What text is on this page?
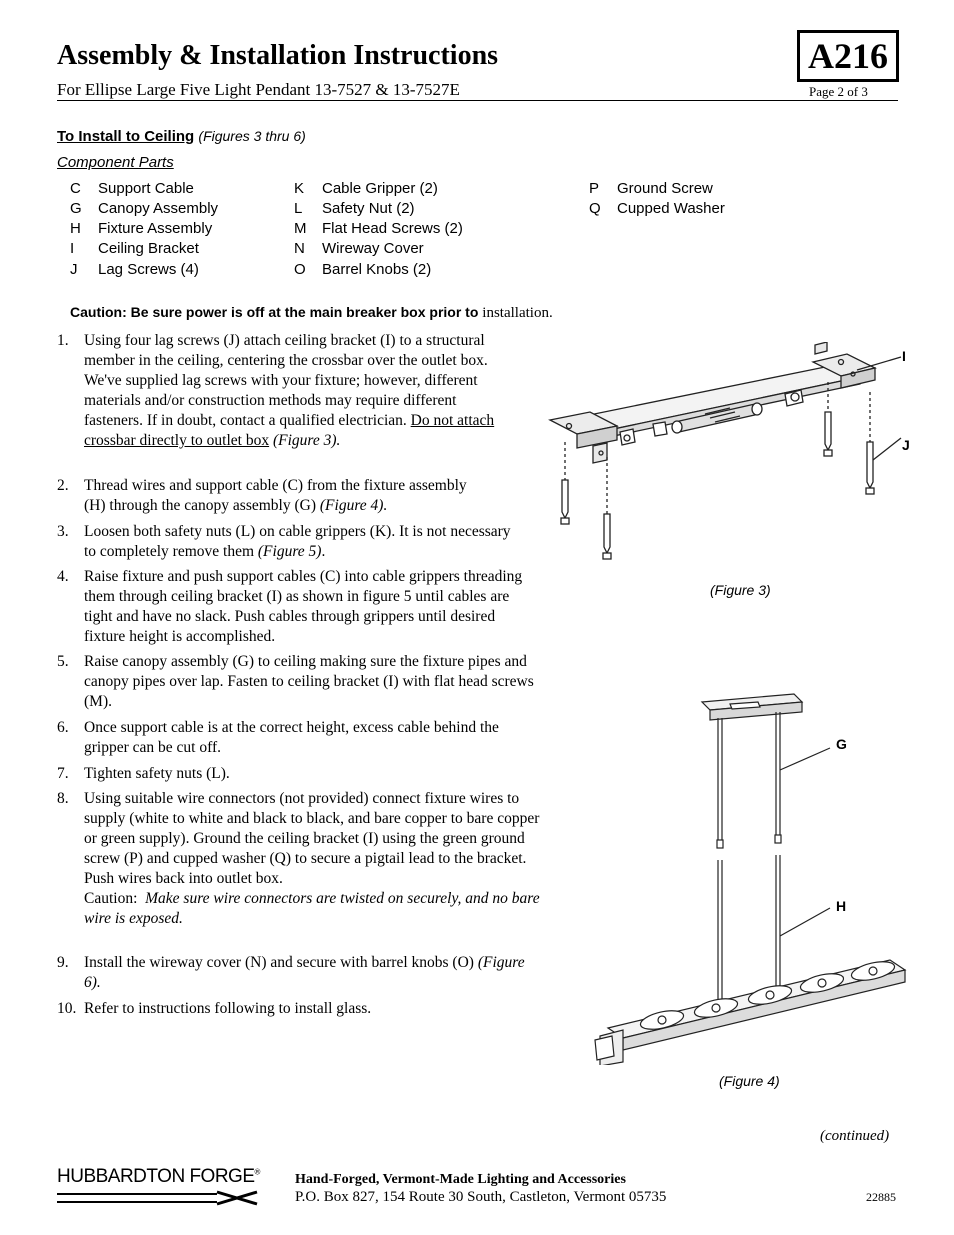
Assembly & Installation Instructions
For Ellipse Large Five Light Pendant 13-7527 & 13-7527E
A216
Page 2 of 3
To Install to Ceiling (Figures 3 thru 6)
Component Parts
C Support Cable
G Canopy Assembly
H Fixture Assembly
I Ceiling Bracket
J Lag Screws (4)
K Cable Gripper (2)
L Safety Nut (2)
M Flat Head Screws (2)
N Wireway Cover
O Barrel Knobs (2)
P Ground Screw
Q Cupped Washer
Caution: Be sure power is off at the main breaker box prior to installation.
1. Using four lag screws (J) attach ceiling bracket (I) to a structural member in the ceiling, centering the crossbar over the outlet box. We've supplied lag screws with your fixture; however, different materials and/or construction methods may require different fasteners. If in doubt, contact a qualified electrician. Do not attach crossbar directly to outlet box (Figure 3).
2. Thread wires and support cable (C) from the fixture assembly (H) through the canopy assembly (G) (Figure 4).
3. Loosen both safety nuts (L) on cable grippers (K). It is not necessary to completely remove them (Figure 5).
4. Raise fixture and push support cables (C) into cable grippers threading them through ceiling bracket (I) as shown in figure 5 until cables are tight and have no slack. Push cables through grippers until desired fixture height is accomplished.
5. Raise canopy assembly (G) to ceiling making sure the fixture pipes and canopy pipes over lap. Fasten to ceiling bracket (I) with flat head screws (M).
6. Once support cable is at the correct height, excess cable behind the gripper can be cut off.
7. Tighten safety nuts (L).
8. Using suitable wire connectors (not provided) connect fixture wires to supply (white to white and black to black, and bare copper to bare copper or green supply). Ground the ceiling bracket (I) using the green ground screw (P) and cupped washer (Q) to secure a pigtail lead to the bracket. Push wires back into outlet box.
Caution: Make sure wire connectors are twisted on securely, and no bare wire is exposed.
9. Install the wireway cover (N) and secure with barrel knobs (O) (Figure 6).
10. Refer to instructions following to install glass.
I
J
(Figure 3)
G
H
(Figure 4)
(continued)
HUBBARDTON FORGE®	Hand-Forged, Vermont-Made Lighting and Accessories
P.O. Box 827, 154 Route 30 South, Castleton, Vermont 05735	22885
